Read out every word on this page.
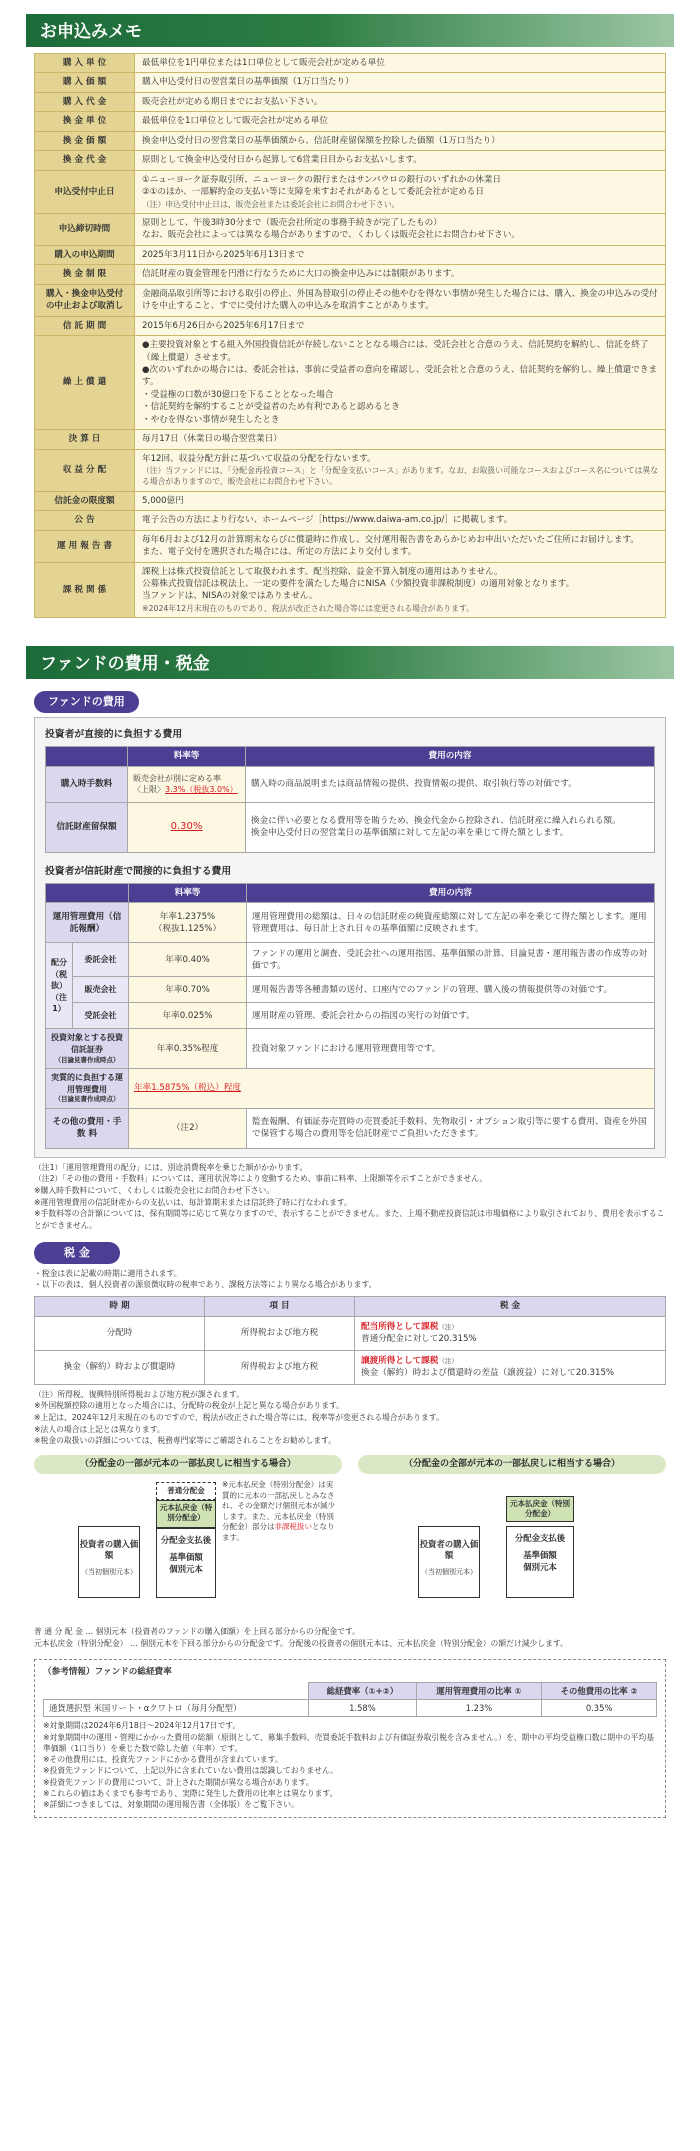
お申込みメモ
購 入 単 位	最低単位を1円単位または1口単位として販売会社が定める単位

購 入 価 額	購入申込受付日の翌営業日の基準価額（1万口当たり）

購 入 代 金	販売会社が定める期日までにお支払い下さい。

換 金 単 位	最低単位を1口単位として販売会社が定める単位

換 金 価 額	換金申込受付日の翌営業日の基準価額から、信託財産留保額を控除した価額（1万口当たり）

換 金 代 金	原則として換金申込受付日から起算して6営業日目からお支払いします。

申込受付中止日	①ニューヨーク証券取引所、ニューヨークの銀行またはサンパウロの銀行のいずれかの休業日
②①のほか、一部解約金の支払い等に支障を来すおそれがあるとして委託会社が定める日
（注）申込受付中止日は、販売会社または委託会社にお問合わせ下さい。

申込締切時間	原則として、午後3時30分まで（販売会社所定の事務手続きが完了したもの）
なお、販売会社によっては異なる場合がありますので、くわしくは販売会社にお問合わせ下さい。

購入の申込期間	2025年3月11日から2025年6月13日まで

換 金 制 限	信託財産の資金管理を円滑に行なうために大口の換金申込みには制限があります。

購入・換金申込受付の中止および取消し	金融商品取引所等における取引の停止、外国為替取引の停止その他やむを得ない事情が発生した場合には、購入、換金の申込みの受付けを中止すること、すでに受付けた購入の申込みを取消すことがあります。

信 託 期 間	2015年6月26日から2025年6月17日まで

繰 上 償 還	●主要投資対象とする組入外国投資信託が存続しないこととなる場合には、受託会社と合意のうえ、信託契約を解約し、信託を終了（繰上償還）させます。
●次のいずれかの場合には、委託会社は、事前に受益者の意向を確認し、受託会社と合意のうえ、信託契約を解約し、繰上償還できます。
・受益権の口数が30億口を下ることとなった場合
・信託契約を解約することが受益者のため有利であると認めるとき
・やむを得ない事情が発生したとき

決 算 日	毎月17日（休業日の場合翌営業日）

収 益 分 配	年12回、収益分配方針に基づいて収益の分配を行ないます。
（注）当ファンドには、「分配金再投資コース」と「分配金支払いコース」があります。なお、お取扱い可能なコースおよびコース名については異なる場合がありますので、販売会社にお問合わせ下さい。

信託金の限度額	5,000億円

公 告	電子公告の方法により行ない、ホームページ［https://www.daiwa-am.co.jp/］に掲載します。

運 用 報 告 書	毎年6月および12月の計算期末ならびに償還時に作成し、交付運用報告書をあらかじめお申出いただいたご住所にお届けします。
また、電子交付を選択された場合には、所定の方法により交付します。

課 税 関 係	課税上は株式投資信託として取扱われます。配当控除、益金不算入制度の適用はありません。
公募株式投資信託は税法上、一定の要件を満たした場合にNISA（少額投資非課税制度）の適用対象となります。
当ファンドは、NISAの対象ではありません。
※2024年12月末現在のものであり、税法が改正された場合等には変更される場合があります。
ファンドの費用・税金
ファンドの費用
投資者が直接的に負担する費用
	料率等	費用の内容
購入時手数料	販売会社が別に定める率
〈上限〉3.3%（税抜3.0%）	購入時の商品説明または商品情報の提供、投資情報の提供、取引執行等の対価です。
信託財産留保額	0.30%	換金に伴い必要となる費用等を賄うため、換金代金から控除され、信託財産に繰入れられる額。
換金申込受付日の翌営業日の基準価額に対して左記の率を乗じて得た額とします。
投資者が信託財産で間接的に負担する費用
		料率等	費用の内容
運用管理費用（信託報酬）		年率1.2375%
（税抜1.125%）	運用管理費用の総額は、日々の信託財産の純資産総額に対して左記の率を乗じて得た額とします。運用管理費用は、毎日計上され日々の基準価額に反映されます。
配分（税抜）（注1）	委託会社	年率0.40%	ファンドの運用と調査、受託会社への運用指図、基準価額の計算、目論見書・運用報告書の作成等の対価です。
	販売会社	年率0.70%	運用報告書等各種書類の送付、口座内でのファンドの管理、購入後の情報提供等の対価です。
	受託会社	年率0.025%	運用財産の管理、委託会社からの指図の実行の対価です。

投資対象とする投資信託証券
（目論見書作成時点）		年率0.35%程度	投資対象ファンドにおける運用管理費用等です。

実質的に負担する運用管理費用
（目論見書作成時点）		年率1.5875%（税込）程度	
その他の費用・手 数 料		（注2）	監査報酬、有価証券売買時の売買委託手数料、先物取引・オプション取引等に要する費用、資産を外国で保管する場合の費用等を信託財産でご負担いただきます。
（注1）「運用管理費用の配分」には、別途消費税率を乗じた額がかかります。
（注2）「その他の費用・手数料」については、運用状況等により変動するため、事前に料率、上限額等を示すことができません。
※購入時手数料について、くわしくは販売会社にお問合わせ下さい。
※運用管理費用の信託財産からの支払いは、毎計算期末または信託終了時に行なわれます。
※手数料等の合計額については、保有期間等に応じて異なりますので、表示することができません。また、上場不動産投資信託は市場価格により取引されており、費用を表示することができません。
税 金
・税金は表に記載の時期に適用されます。
・以下の表は、個人投資者の源泉徴収時の税率であり、課税方法等により異なる場合があります。
時 期	項 目	税 金
分配時	所得税および地方税	配当所得として課税（注）
普通分配金に対して20.315%

換金（解約）時および償還時	所得税および地方税	譲渡所得として課税（注）
換金（解約）時および償還時の差益（譲渡益）に対して20.315%
（注）所得税、復興特別所得税および地方税が課されます。
※外国税額控除の適用となった場合には、分配時の税金が上記と異なる場合があります。
※上記は、2024年12月末現在のものですので、税法が改正された場合等には、税率等が変更される場合があります。
※法人の場合は上記とは異なります。
※税金の取扱いの詳細については、税務専門家等にご確認されることをお勧めします。
（分配金の一部が元本の一部払戻しに相当する場合）
投資者の購入価額
（当初個別元本）
普通分配金
元本払戻金（特別分配金）
分配金支払後
基準価額
個別元本
※元本払戻金（特別分配金）は実質的に元本の一部払戻しとみなされ、その金額だけ個別元本が減少します。また、元本払戻金（特別分配金）部分は非課税扱いとなります。
（分配金の全部が元本の一部払戻しに相当する場合）
投資者の購入価額
（当初個別元本）
元本払戻金（特別分配金）
分配金支払後
基準価額
個別元本
普 通 分 配 金 … 個別元本（投資者のファンドの購入価額）を上回る部分からの分配金です。
元本払戻金（特別分配金） … 個別元本を下回る部分からの分配金です。分配後の投資者の個別元本は、元本払戻金（特別分配金）の額だけ減少します。
（参考情報）ファンドの総経費率
	総経費率（①+②）	運用管理費用の比率 ①	その他費用の比率 ②
通貨選択型 米国リート・αクワトロ（毎月分配型）	1.58%	1.23%	0.35%
※対象期間は2024年6月18日～2024年12月17日です。
※対象期間中の運用・管理にかかった費用の総額（原則として、募集手数料、売買委託手数料および有価証券取引税を含みません。）を、期中の平均受益権口数に期中の平均基準価額（1口当り）を乗じた数で除した値（年率）です。
※その他費用には、投資先ファンドにかかる費用が含まれています。
※投資先ファンドについて、上記以外に含まれていない費用は認識しておりません。
※投資先ファンドの費用について、計上された期間が異なる場合があります。
※これらの値はあくまでも参考であり、実際に発生した費用の比率とは異なります。
※詳細につきましては、対象期間の運用報告書（全体版）をご覧下さい。
